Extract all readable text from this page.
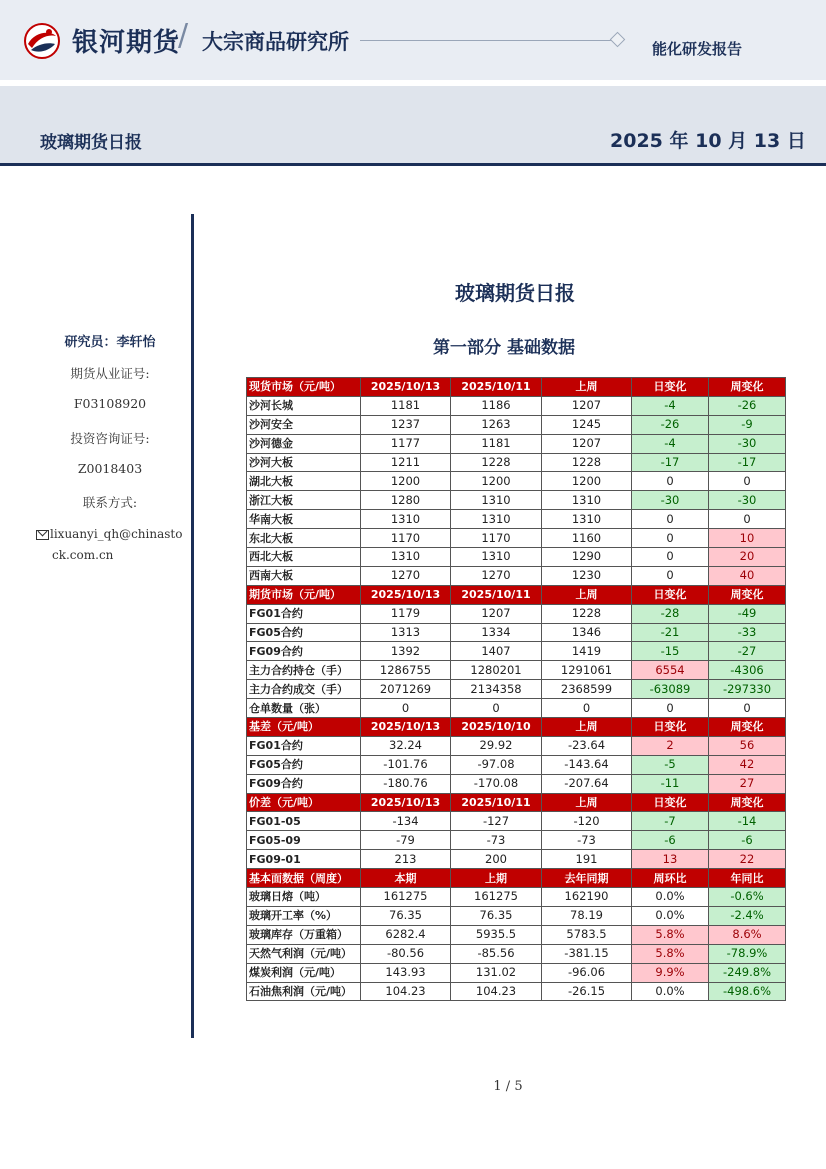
银河期货
/ 大宗商品研究所	能化研发报告
玻璃期货日报	2025 年 10 月 13 日
研究员：李轩怡
期货从业证号:
F03108920
投资咨询证号:
Z0018403
联系方式:
lixuanyi_qh@chinasto
ck.com.cn
玻璃期货日报
第一部分 基础数据
现货市场（元/吨）	2025/10/13	2025/10/11	上周	日变化	周变化
沙河长城	1181	1186	1207	-4	-26
沙河安全	1237	1263	1245	-26	-9
沙河德金	1177	1181	1207	-4	-30
沙河大板	1211	1228	1228	-17	-17
湖北大板	1200	1200	1200	0	0
浙江大板	1280	1310	1310	-30	-30
华南大板	1310	1310	1310	0	0
东北大板	1170	1170	1160	0	10
西北大板	1310	1310	1290	0	20
西南大板	1270	1270	1230	0	40
期货市场（元/吨）	2025/10/13	2025/10/11	上周	日变化	周变化
FG01合约	1179	1207	1228	-28	-49
FG05合约	1313	1334	1346	-21	-33
FG09合约	1392	1407	1419	-15	-27
主力合约持仓（手）	1286755	1280201	1291061	6554	-4306
主力合约成交（手）	2071269	2134358	2368599	-63089	-297330
仓单数量（张）	0	0	0	0	0
基差（元/吨）	2025/10/13	2025/10/10	上周	日变化	周变化
FG01合约	32.24	29.92	-23.64	2	56
FG05合约	-101.76	-97.08	-143.64	-5	42
FG09合约	-180.76	-170.08	-207.64	-11	27
价差（元/吨）	2025/10/13	2025/10/11	上周	日变化	周变化
FG01-05	-134	-127	-120	-7	-14
FG05-09	-79	-73	-73	-6	-6
FG09-01	213	200	191	13	22
基本面数据（周度）	本期	上期	去年同期	周环比	年同比
玻璃日熔（吨）	161275	161275	162190	0.0%	-0.6%
玻璃开工率（%）	76.35	76.35	78.19	0.0%	-2.4%
玻璃库存（万重箱）	6282.4	5935.5	5783.5	5.8%	8.6%
天然气利润（元/吨）	-80.56	-85.56	-381.15	5.8%	-78.9%
煤炭利润（元/吨）	143.93	131.02	-96.06	9.9%	-249.8%
石油焦利润（元/吨）	104.23	104.23	-26.15	0.0%	-498.6%
1 / 5
